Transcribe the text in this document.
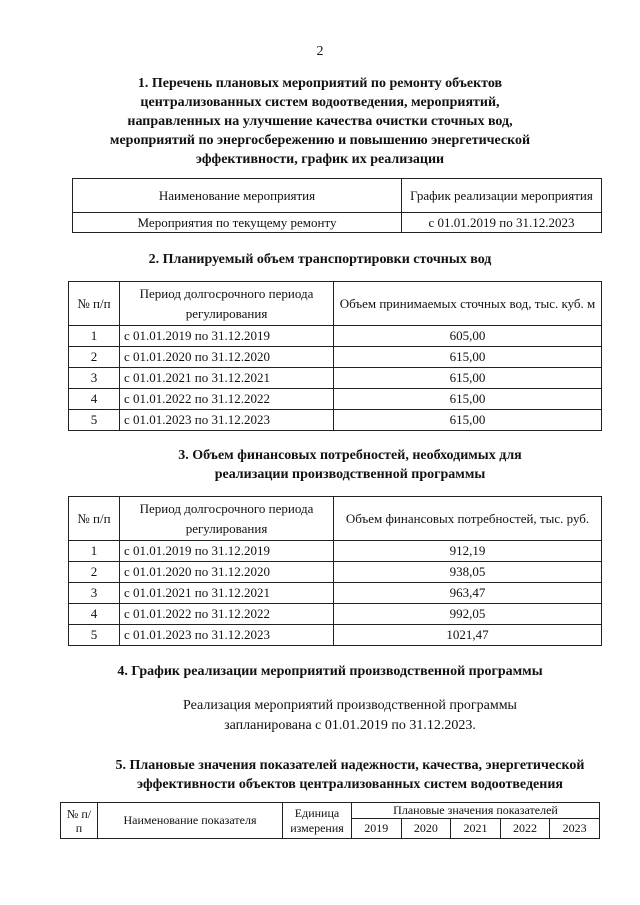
2
1. Перечень плановых мероприятий по ремонту объектов
централизованных систем водоотведения, мероприятий,
направленных на улучшение качества очистки сточных вод,
мероприятий по энергосбережению и повышению энергетической
эффективности, график их реализации
Наименование мероприятия	График реализации мероприятия
Мероприятия по текущему ремонту	с 01.01.2019 по 31.12.2023
2. Планируемый объем транспортировки сточных вод
№ п/п	Период долгосрочного периода регулирования	Объем принимаемых сточных вод, тыс. куб. м
1	с 01.01.2019 по 31.12.2019	605,00
2	с 01.01.2020 по 31.12.2020	615,00
3	с 01.01.2021 по 31.12.2021	615,00
4	с 01.01.2022 по 31.12.2022	615,00
5	с 01.01.2023 по 31.12.2023	615,00
3. Объем финансовых потребностей, необходимых для
реализации производственной программы
№ п/п	Период долгосрочного периода регулирования	Объем финансовых потребностей, тыс. руб.
1	с 01.01.2019 по 31.12.2019	912,19
2	с 01.01.2020 по 31.12.2020	938,05
3	с 01.01.2021 по 31.12.2021	963,47
4	с 01.01.2022 по 31.12.2022	992,05
5	с 01.01.2023 по 31.12.2023	1021,47
4. График реализации мероприятий производственной программы
Реализация мероприятий производственной программы
запланирована с 01.01.2019 по 31.12.2023.
5. Плановые значения показателей надежности, качества, энергетической
эффективности объектов централизованных систем водоотведения
№ п/п	Наименование показателя	Единица измерения	Плановые значения показателей				
			2019	2020	2021	2022	2023
